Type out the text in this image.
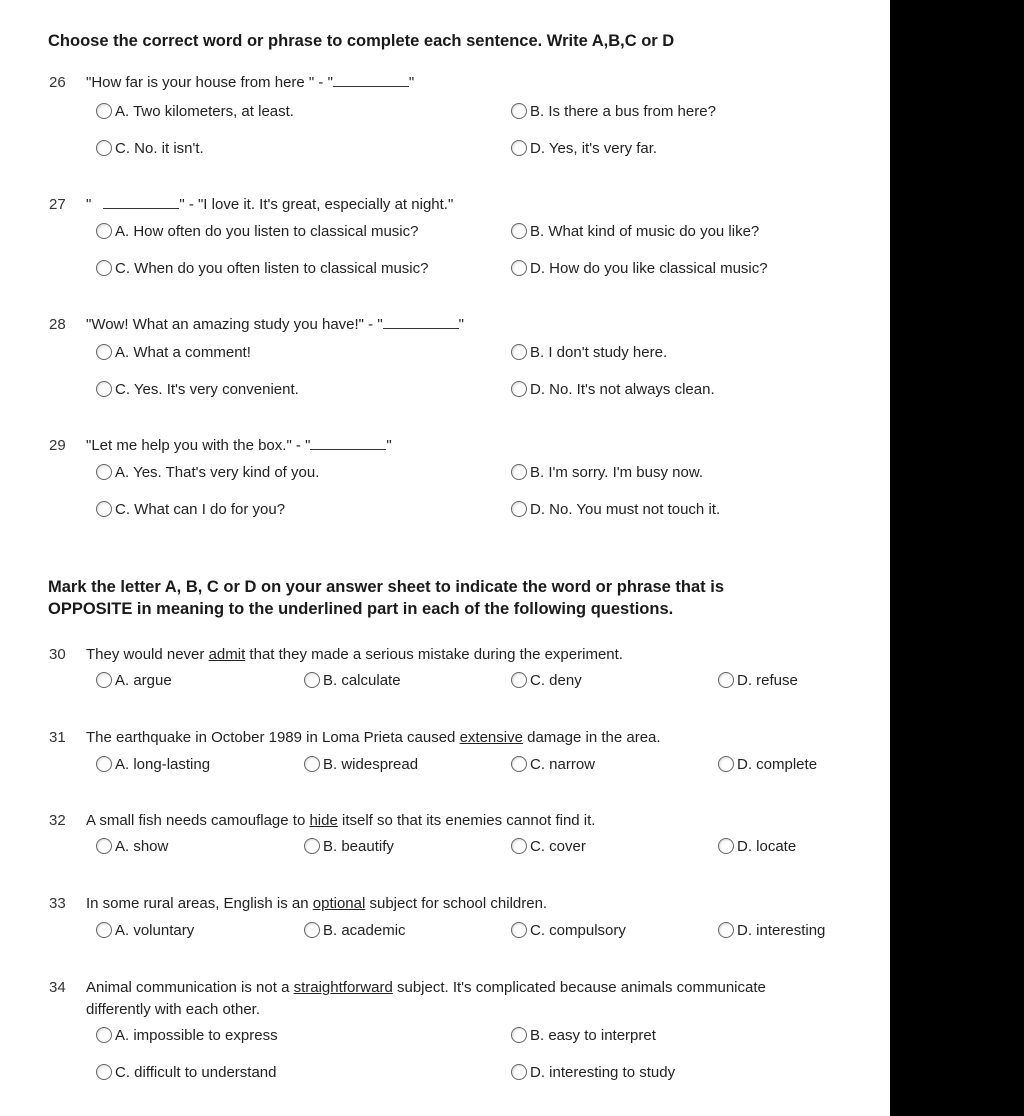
Choose the correct word or phrase to complete each sentence. Write A,B,C or D
26 "How far is your house from here " - "	"
A. Two kilometers, at least.	B. Is there a bus from here?
C. No. it isn't.	D. Yes, it's very far.
27 "	" - "I love it. It's great, especially at night."
A. How often do you listen to classical music?	B. What kind of music do you like?
C. When do you often listen to classical music?	D. How do you like classical music?
28 "Wow! What an amazing study you have!" - "	"
A. What a comment!	B. I don't study here.
C. Yes. It's very convenient.	D. No. It's not always clean.
29 "Let me help you with the box." - "	"
A. Yes. That's very kind of you.	B. I'm sorry. I'm busy now.
C. What can I do for you?	D. No. You must not touch it.
Mark the letter A, B, C or D on your answer sheet to indicate the word or phrase that is
OPPOSITE in meaning to the underlined part in each of the following questions.
30 They would never admit that they made a serious mistake during the experiment.
A. argue	B. calculate	C. deny	D. refuse
31 The earthquake in October 1989 in Loma Prieta caused extensive damage in the area.
A. long-lasting	B. widespread	C. narrow	D. complete
32 A small fish needs camouflage to hide itself so that its enemies cannot find it.
A. show	B. beautify	C. cover	D. locate
33 In some rural areas, English is an optional subject for school children.
A. voluntary	B. academic	C. compulsory	D. interesting
34 Animal communication is not a straightforward subject. It's complicated because animals communicate
differently with each other.
A. impossible to express	B. easy to interpret
C. difficult to understand	D. interesting to study
